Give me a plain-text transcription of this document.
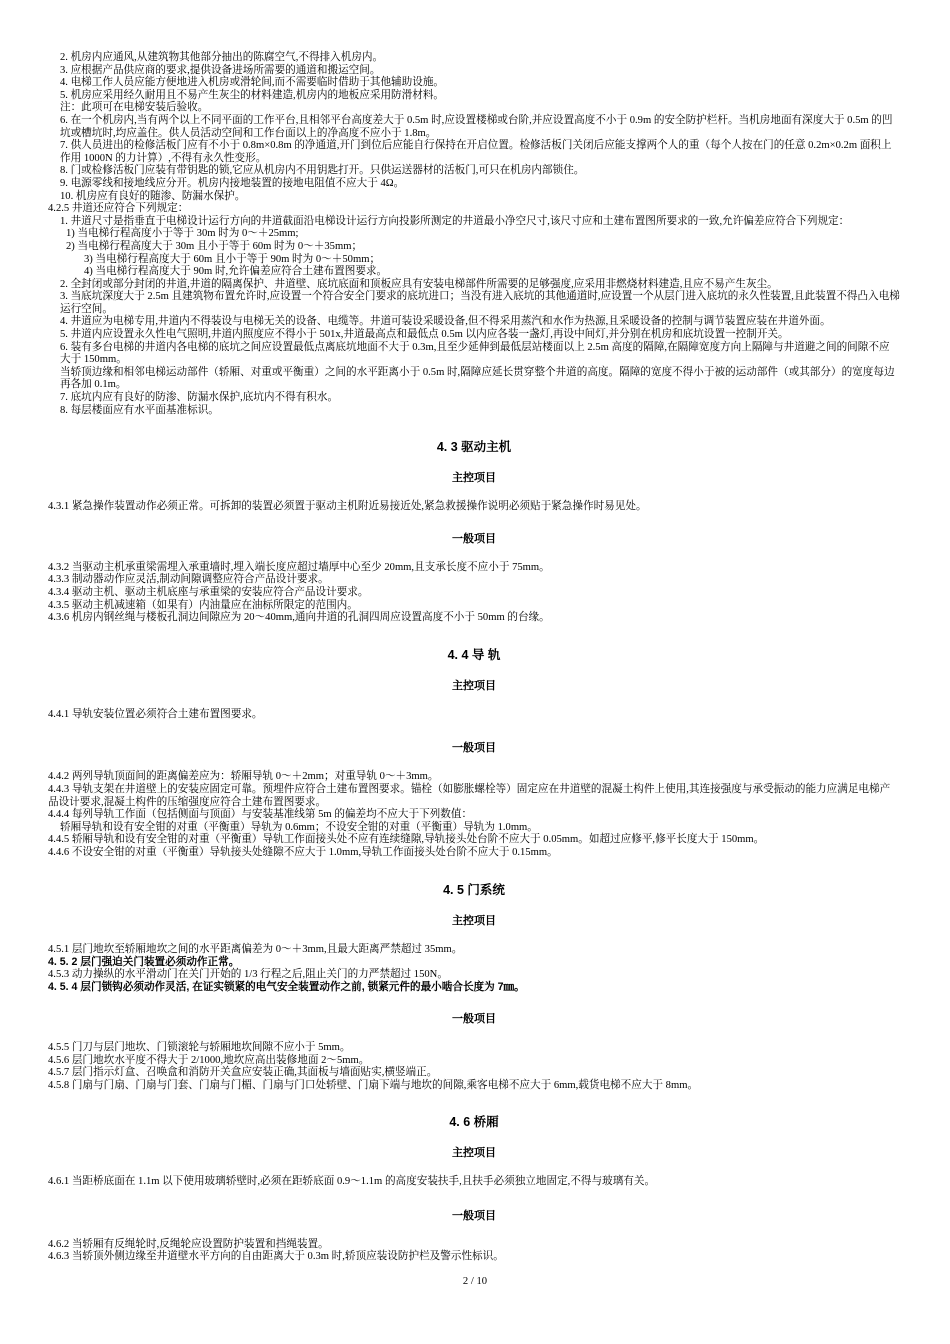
2. 机房内应通风,从建筑物其他部分抽出的陈腐空气,不得排入机房内。

3. 应根据产品供应商的要求,提供设备进场所需要的通道和搬运空间。

4. 电梯工作人员应能方便地进入机房或滑轮间,而不需要临时借助于其他辅助设施。

5. 机房应采用经久耐用且不易产生灰尘的材料建造,机房内的地板应采用防滑材料。

注：此项可在电梯安装后验收。

6. 在一个机房内,当有两个以上不同平面的工作平台,且相邻平台高度差大于 0.5m 时,应设置楼梯或台阶,并应设置高度不小于 0.9m 的安全防护栏杆。当机房地面有深度大于 0.5m 的凹坑或槽坑时,均应盖住。供人员活动空间和工作台面以上的净高度不应小于 1.8m。

7. 供人员进出的检修活板门应有不小于 0.8m×0.8m 的净通道,开门到位后应能自行保持在开启位置。检修活板门关闭后应能支撑两个人的重（每个人按在门的任意 0.2m×0.2m 面积上作用 1000N 的力计算）,不得有永久性变形。

8. 门或检修活板门应装有带钥匙的锁,它应从机房内不用钥匙打开。只供运送器材的活板门,可只在机房内部锁住。

9. 电源零线和接地线应分开。机房内接地装置的接地电阻值不应大于 4Ω。

10. 机房应有良好的随渗、防漏水保护。

4.2.5 井道还应符合下列规定：

1. 井道尺寸是指垂直于电梯设计运行方向的井道截面沿电梯设计运行方向投影所测定的井道最小净空尺寸,该尺寸应和土建布置图所要求的一致,允许偏差应符合下列规定：

1) 当电梯行程高度小于等于 30m 时为 0～＋25mm;

2) 当电梯行程高度大于 30m 且小于等于 60m 时为 0～＋35mm；

3) 当电梯行程高度大于 60m 且小于等于 90m 时为 0～＋50mm；

4) 当电梯行程高度大于 90m 时,允许偏差应符合土建布置图要求。

2. 全封闭或部分封闭的井道,井道的隔离保护、井道壁、底坑底面和顶板应具有安装电梯部件所需要的足够强度,应采用非燃烧材料建造,且应不易产生灰尘。

3. 当底坑深度大于 2.5m 且建筑物布置允许时,应设置一个符合安全门要求的底坑进口；当没有进入底坑的其他通道时,应设置一个从层门进入底坑的永久性装置,且此装置不得凸入电梯运行空间。

4. 井道应为电梯专用,井道内不得装设与电梯无关的设备、电缆等。井道可装设采暖设备,但不得采用蒸汽和水作为热源,且采暖设备的控制与调节装置应装在井道外面。

5. 井道内应设置永久性电气照明,井道内照度应不得小于 501x,井道最高点和最低点 0.5m 以内应各装一盏灯,再设中间灯,并分别在机房和底坑设置一控制开关。

6. 装有多台电梯的井道内各电梯的底坑之间应设置最低点离底坑地面不大于 0.3m,且至少延伸到最低层站楼面以上 2.5m 高度的隔障,在隔障宽度方向上隔障与井道避之间的间隙不应大于 150mm。

当轿顶边缘和相邻电梯运动部件（轿厢、对重或平衡重）之间的水平距离小于 0.5m 时,隔障应延长贯穿整个井道的高度。隔障的宽度不得小于被的运动部件（或其部分）的宽度每边再各加 0.1m。

7. 底坑内应有良好的防渗、防漏水保护,底坑内不得有积水。

8. 每层楼面应有水平面基准标识。

4. 3 驱动主机

主控项目

4.3.1 紧急操作装置动作必须正常。可拆卸的装置必须置于驱动主机附近易接近处,紧急救援操作说明必须贴于紧急操作时易见处。

一般项目

4.3.2 当驱动主机承重梁需埋入承重墙时,埋入端长度应超过墙厚中心至少 20mm,且支承长度不应小于 75mm。

4.3.3 制动器动作应灵活,制动间隙调整应符合产品设计要求。

4.3.4 驱动主机、驱动主机底座与承重梁的安装应符合产品设计要求。

4.3.5 驱动主机减速箱（如果有）内油量应在油标所限定的范围内。

4.3.6 机房内钢丝绳与楼板孔洞边间隙应为 20～40mm,通向井道的孔洞四周应设置高度不小于 50mm 的台缘。

4. 4 导 轨

主控项目

4.4.1 导轨安装位置必须符合土建布置图要求。

一般项目

4.4.2 两列导轨顶面间的距离偏差应为：轿厢导轨 0～＋2mm；对重导轨 0～＋3mm。

4.4.3 导轨支架在井道壁上的安装应固定可靠。预埋件应符合土建布置图要求。锚栓（如膨胀螺栓等）固定应在井道壁的混凝土构件上使用,其连接强度与承受振动的能力应满足电梯产品设计要求,混凝土构件的压缩强度应符合土建布置图要求。

4.4.4 每列导轨工作面（包括侧面与顶面）与安装基准线第 5m 的偏差均不应大于下列数值：

轿厢导轨和设有安全钳的对重（平衡重）导轨为 0.6mm；不设安全钳的对重（平衡重）导轨为 1.0mm。

4.4.5 轿厢导轨和设有安全钳的对重（平衡重）导轨工作面接头处不应有连续缝隙,导轨接头处台阶不应大于 0.05mm。如超过应修平,修平长度大于 150mm。

4.4.6 不设安全钳的对重（平衡重）导轨接头处缝隙不应大于 1.0mm,导轨工作面接头处台阶不应大于 0.15mm。

4. 5 门系统

主控项目

4.5.1 层门地坎至轿厢地坎之间的水平距离偏差为 0～＋3mm,且最大距离严禁超过 35mm。

4. 5. 2 层门强迫关门装置必须动作正常。

4.5.3 动力操纵的水平滑动门在关门开始的 1/3 行程之后,阻止关门的力严禁超过 150N。

4. 5. 4 层门锁钩必须动作灵活, 在证实锁紧的电气安全装置动作之前, 锁紧元件的最小啮合长度为 7㎜。

一般项目

4.5.5 门刀与层门地坎、门锁滚轮与轿厢地坎间隙不应小于 5mm。

4.5.6 层门地坎水平度不得大于 2/1000,地坎应高出装修地面 2～5mm。

4.5.7 层门指示灯盒、召唤盒和消防开关盒应安装正确,其面板与墙面贴实,横竖端正。

4.5.8 门扇与门扇、门扇与门套、门扇与门楣、门扇与门口处轿壁、门扇下端与地坎的间隙,乘客电梯不应大于 6mm,载货电梯不应大于 8mm。

4. 6 桥厢

主控项目

4.6.1 当距桥底面在 1.1m 以下使用玻璃轿壁时,必须在距轿底面 0.9～1.1m 的高度安装扶手,且扶手必须独立地固定,不得与玻璃有关。

一般项目

4.6.2 当轿厢有反绳轮时,反绳轮应设置防护装置和挡绳装置。

4.6.3 当轿顶外侧边缘至井道壁水平方向的自由距离大于 0.3m 时,轿顶应装设防护栏及警示性标识。

2 / 10
